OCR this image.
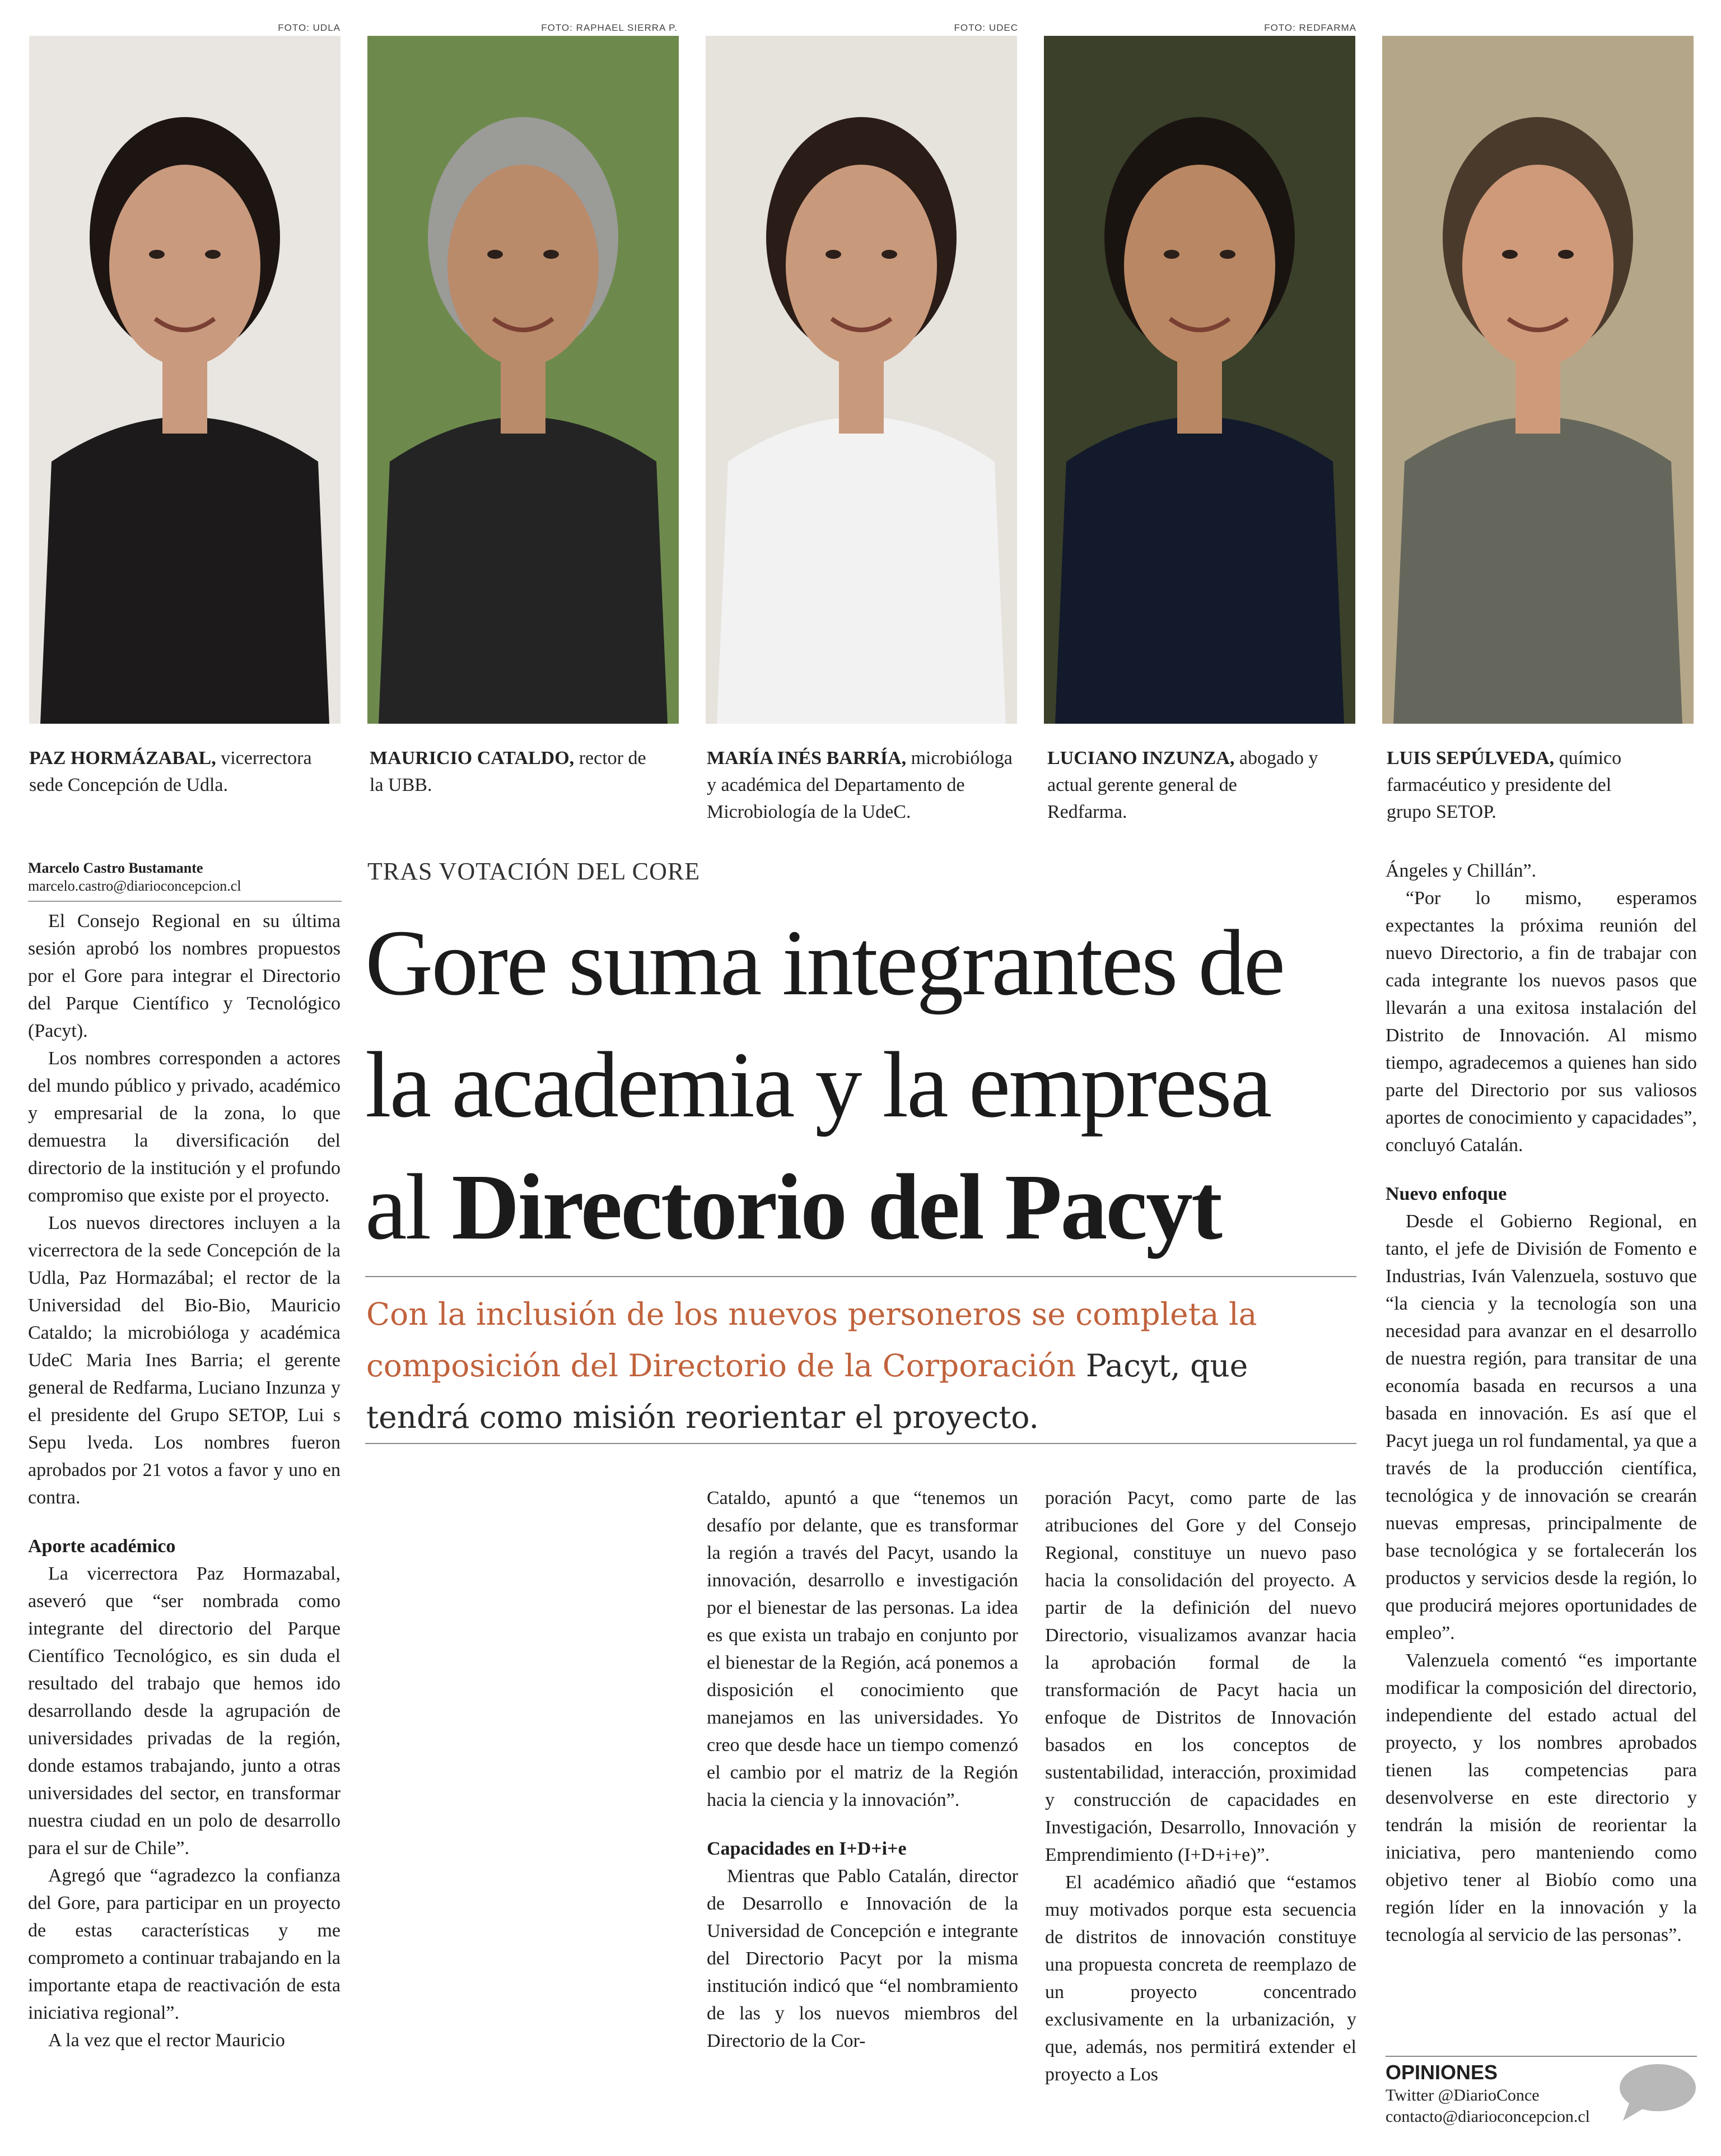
FOTO: UDLA	FOTO: RAPHAEL SIERRA P.	FOTO: UDEC	FOTO: REDFARMA
PAZ HORMÁZABAL, vicerrectora
sede Concepción de Udla.
MAURICIO CATALDO, rector de
la UBB.
MARÍA INÉS BARRÍA, microbióloga
y académica del Departamento de
Microbiología de la UdeC.
LUCIANO INZUNZA, abogado y
actual gerente general de
Redfarma.
LUIS SEPÚLVEDA, químico
farmacéutico y presidente del
grupo SETOP.
Marcelo Castro Bustamante
marcelo.castro@diarioconcepcion.cl

El Consejo Regional en su última sesión aprobó los nombres propuestos por el Gore para integrar el Directorio del Parque Científico y Tecnológico (Pacyt).

Los nombres corresponden a actores del mundo público y privado, académico y empresarial de la zona, lo que demuestra la diversificación del directorio de la institución y el profundo compromiso que existe por el proyecto.

Los nuevos directores incluyen a la vicerrectora de la sede Concepción de la Udla, Paz Hormazábal; el rector de la Universidad del Bio-Bio, Mauricio Cataldo; la microbióloga y académica UdeC Maria Ines Barria; el gerente general de Redfarma, Luciano Inzunza y el presidente del Grupo SETOP, Lui s Sepu lveda. Los nombres fueron aprobados por 21 votos a favor y uno en contra.

Aporte académico

La vicerrectora Paz Hormazabal, aseveró que “ser nombrada como integrante del directorio del Parque Científico Tecnológico, es sin duda el resultado del trabajo que hemos ido desarrollando desde la agrupación de universidades privadas de la región, donde estamos trabajando, junto a otras universidades del sector, en transformar nuestra ciudad en un polo de desarrollo para el sur de Chile”.

Agregó que “agradezco la confianza del Gore, para participar en un proyecto de estas características y me comprometo a continuar trabajando en la importante etapa de reactivación de esta iniciativa regional”.

A la vez que el rector Mauricio

TRAS VOTACIÓN DEL CORE
Gore suma integrantes de
la academia y la empresa
al Directorio del Pacyt
Con la inclusión de los nuevos personeros se completa la
composición del Directorio de la Corporación Pacyt, que
tendrá como misión reorientar el proyecto.

Cataldo, apuntó a que “tenemos un desafío por delante, que es transformar la región a través del Pacyt, usando la innovación, desarrollo e investigación por el bienestar de las personas. La idea es que exista un trabajo en conjunto por el bienestar de la Región, acá ponemos a disposición el conocimiento que manejamos en las universidades. Yo creo que desde hace un tiempo comenzó el cambio por el matriz de la Región hacia la ciencia y la innovación”.

Capacidades en I+D+i+e

Mientras que Pablo Catalán, director de Desarrollo e Innovación de la Universidad de Concepción e integrante del Directorio Pacyt por la misma institución indicó que “el nombramiento de las y los nuevos miembros del Directorio de la Cor-

poración Pacyt, como parte de las atribuciones del Gore y del Consejo Regional, constituye un nuevo paso hacia la consolidación del proyecto. A partir de la definición del nuevo Directorio, visualizamos avanzar hacia la aprobación formal de la transformación de Pacyt hacia un enfoque de Distritos de Innovación basados en los conceptos de sustentabilidad, interacción, proximidad y construcción de capacidades en Investigación, Desarrollo, Innovación y Emprendimiento (I+D+i+e)”.

El académico añadió que “estamos muy motivados porque esta secuencia de distritos de innovación constituye una propuesta concreta de reemplazo de un proyecto concentrado exclusivamente en la urbanización, y que, además, nos permitirá extender el proyecto a Los

Ángeles y Chillán”.

“Por lo mismo, esperamos expectantes la próxima reunión del nuevo Directorio, a fin de trabajar con cada integrante los nuevos pasos que llevarán a una exitosa instalación del Distrito de Innovación. Al mismo tiempo, agradecemos a quienes han sido parte del Directorio por sus valiosos aportes de conocimiento y capacidades”, concluyó Catalán.

Nuevo enfoque

Desde el Gobierno Regional, en tanto, el jefe de División de Fomento e Industrias, Iván Valenzuela, sostuvo que “la ciencia y la tecnología son una necesidad para avanzar en el desarrollo de nuestra región, para transitar de una economía basada en recursos a una basada en innovación. Es así que el Pacyt juega un rol fundamental, ya que a través de la producción científica, tecnológica y de innovación se crearán nuevas empresas, principalmente de base tecnológica y se fortalecerán los productos y servicios desde la región, lo que producirá mejores oportunidades de empleo”.

Valenzuela comentó “es importante modificar la composición del directorio, independiente del estado actual del proyecto, y los nombres aprobados tienen las competencias para desenvolverse en este directorio y tendrán la misión de reorientar la iniciativa, pero manteniendo como objetivo tener al Biobío como una región líder en la innovación y la tecnología al servicio de las personas”.

OPINIONES
Twitter @DiarioConce
contacto@diarioconcepcion.cl
